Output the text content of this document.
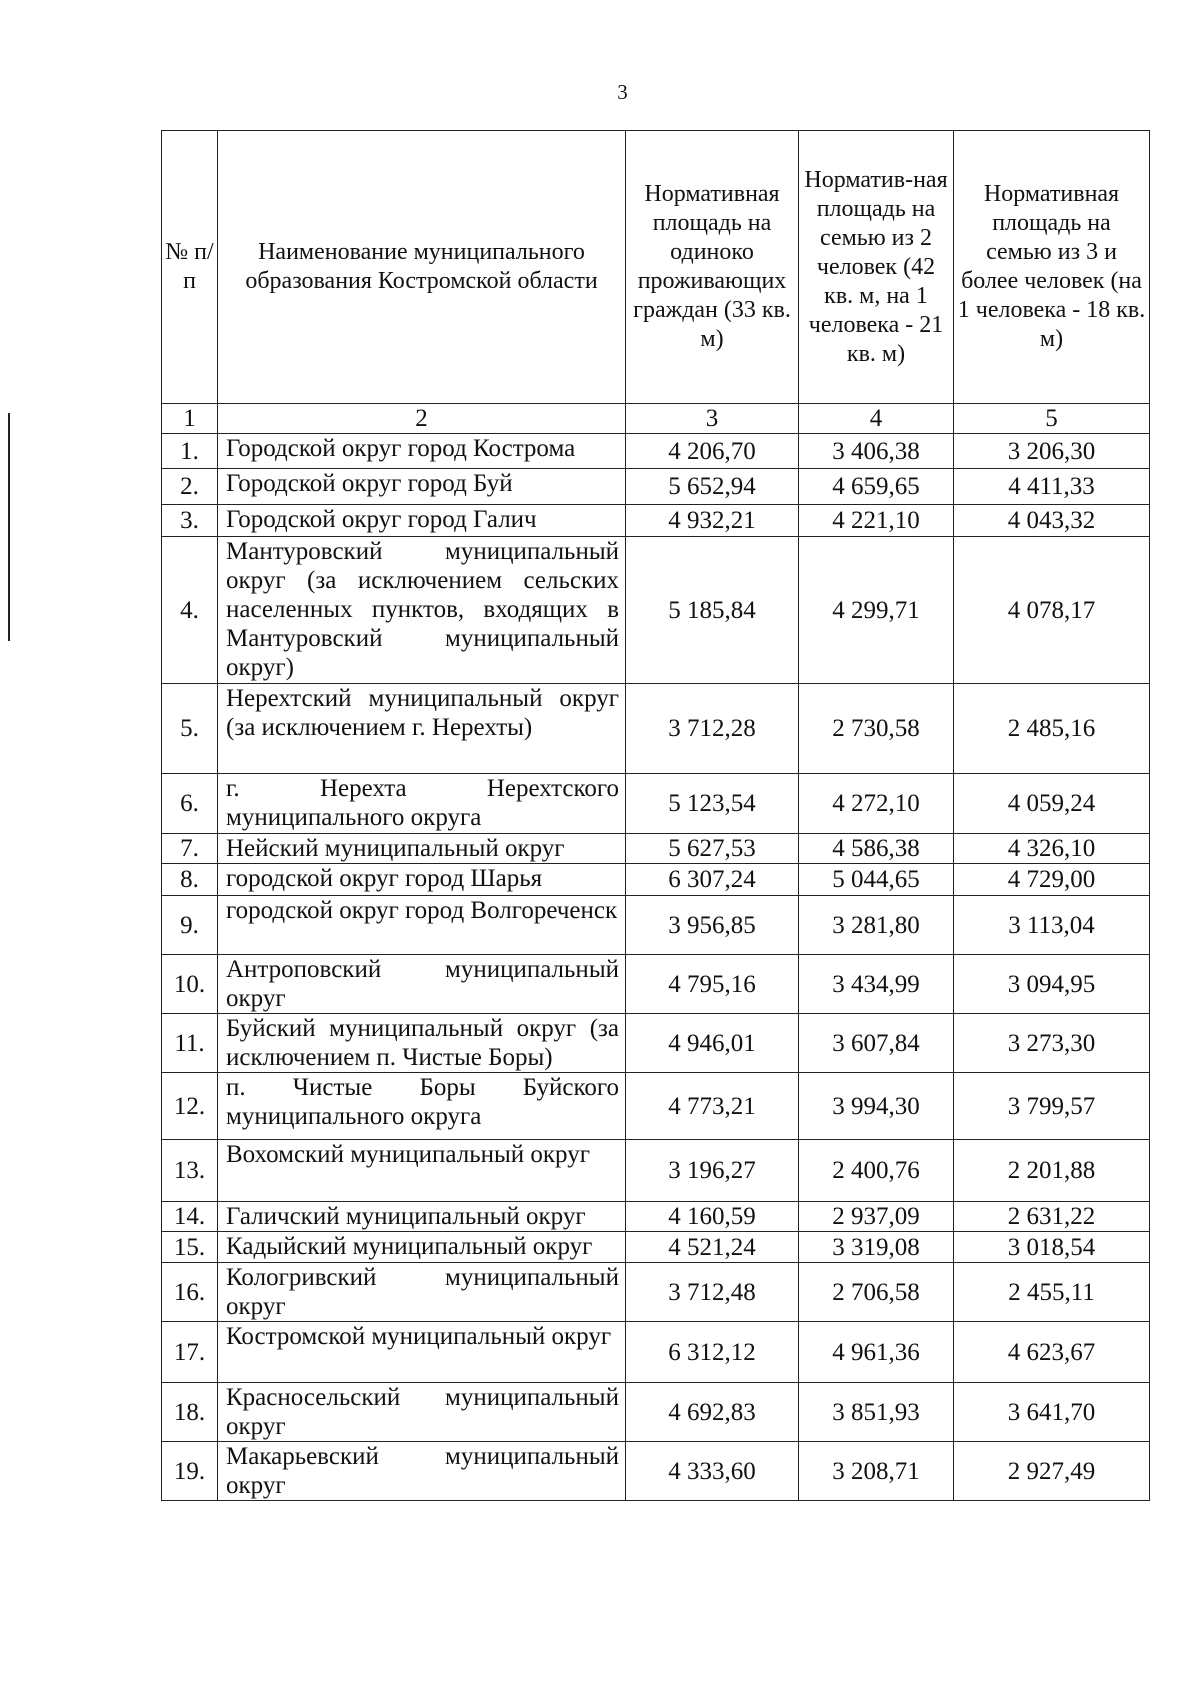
3
№ п/п	Наименование муниципального образования Костромской области	Нормативная площадь на одиноко проживающих граждан (33 кв. м)	Норматив-ная площадь на семью из 2 человек (42 кв. м, на 1 человека - 21 кв. м)	Нормативная площадь на семью из 3 и более человек (на 1 человека - 18 кв. м)
1	2	3	4	5
1.	Городской округ город Кострома	4 206,70	3 406,38	3 206,30
2.	Городской округ город Буй	5 652,94	4 659,65	4 411,33
3.	Городской округ город Галич	4 932,21	4 221,10	4 043,32
4.	Мантуровский муниципальный округ (за исключением сельских населенных пунктов, входящих в Мантуровский муниципальный округ)	5 185,84	4 299,71	4 078,17
5.	Нерехтский муниципальный округ (за исключением г. Нерехты)	3 712,28	2 730,58	2 485,16
6.	г. Нерехта Нерехтского муниципального округа	5 123,54	4 272,10	4 059,24
7.	Нейский муниципальный округ	5 627,53	4 586,38	4 326,10
8.	городской округ город Шарья	6 307,24	5 044,65	4 729,00
9.	городской округ город Волгореченск	3 956,85	3 281,80	3 113,04
10.	Антроповский муниципальный округ	4 795,16	3 434,99	3 094,95
11.	Буйский муниципальный округ (за исключением п. Чистые Боры)	4 946,01	3 607,84	3 273,30
12.	п. Чистые Боры Буйского муниципального округа	4 773,21	3 994,30	3 799,57
13.	Вохомский муниципальный округ	3 196,27	2 400,76	2 201,88
14.	Галичский муниципальный округ	4 160,59	2 937,09	2 631,22
15.	Кадыйский муниципальный округ	4 521,24	3 319,08	3 018,54
16.	Кологривский муниципальный округ	3 712,48	2 706,58	2 455,11
17.	Костромской муниципальный округ	6 312,12	4 961,36	4 623,67
18.	Красносельский муниципальный округ	4 692,83	3 851,93	3 641,70
19.	Макарьевский муниципальный округ	4 333,60	3 208,71	2 927,49
